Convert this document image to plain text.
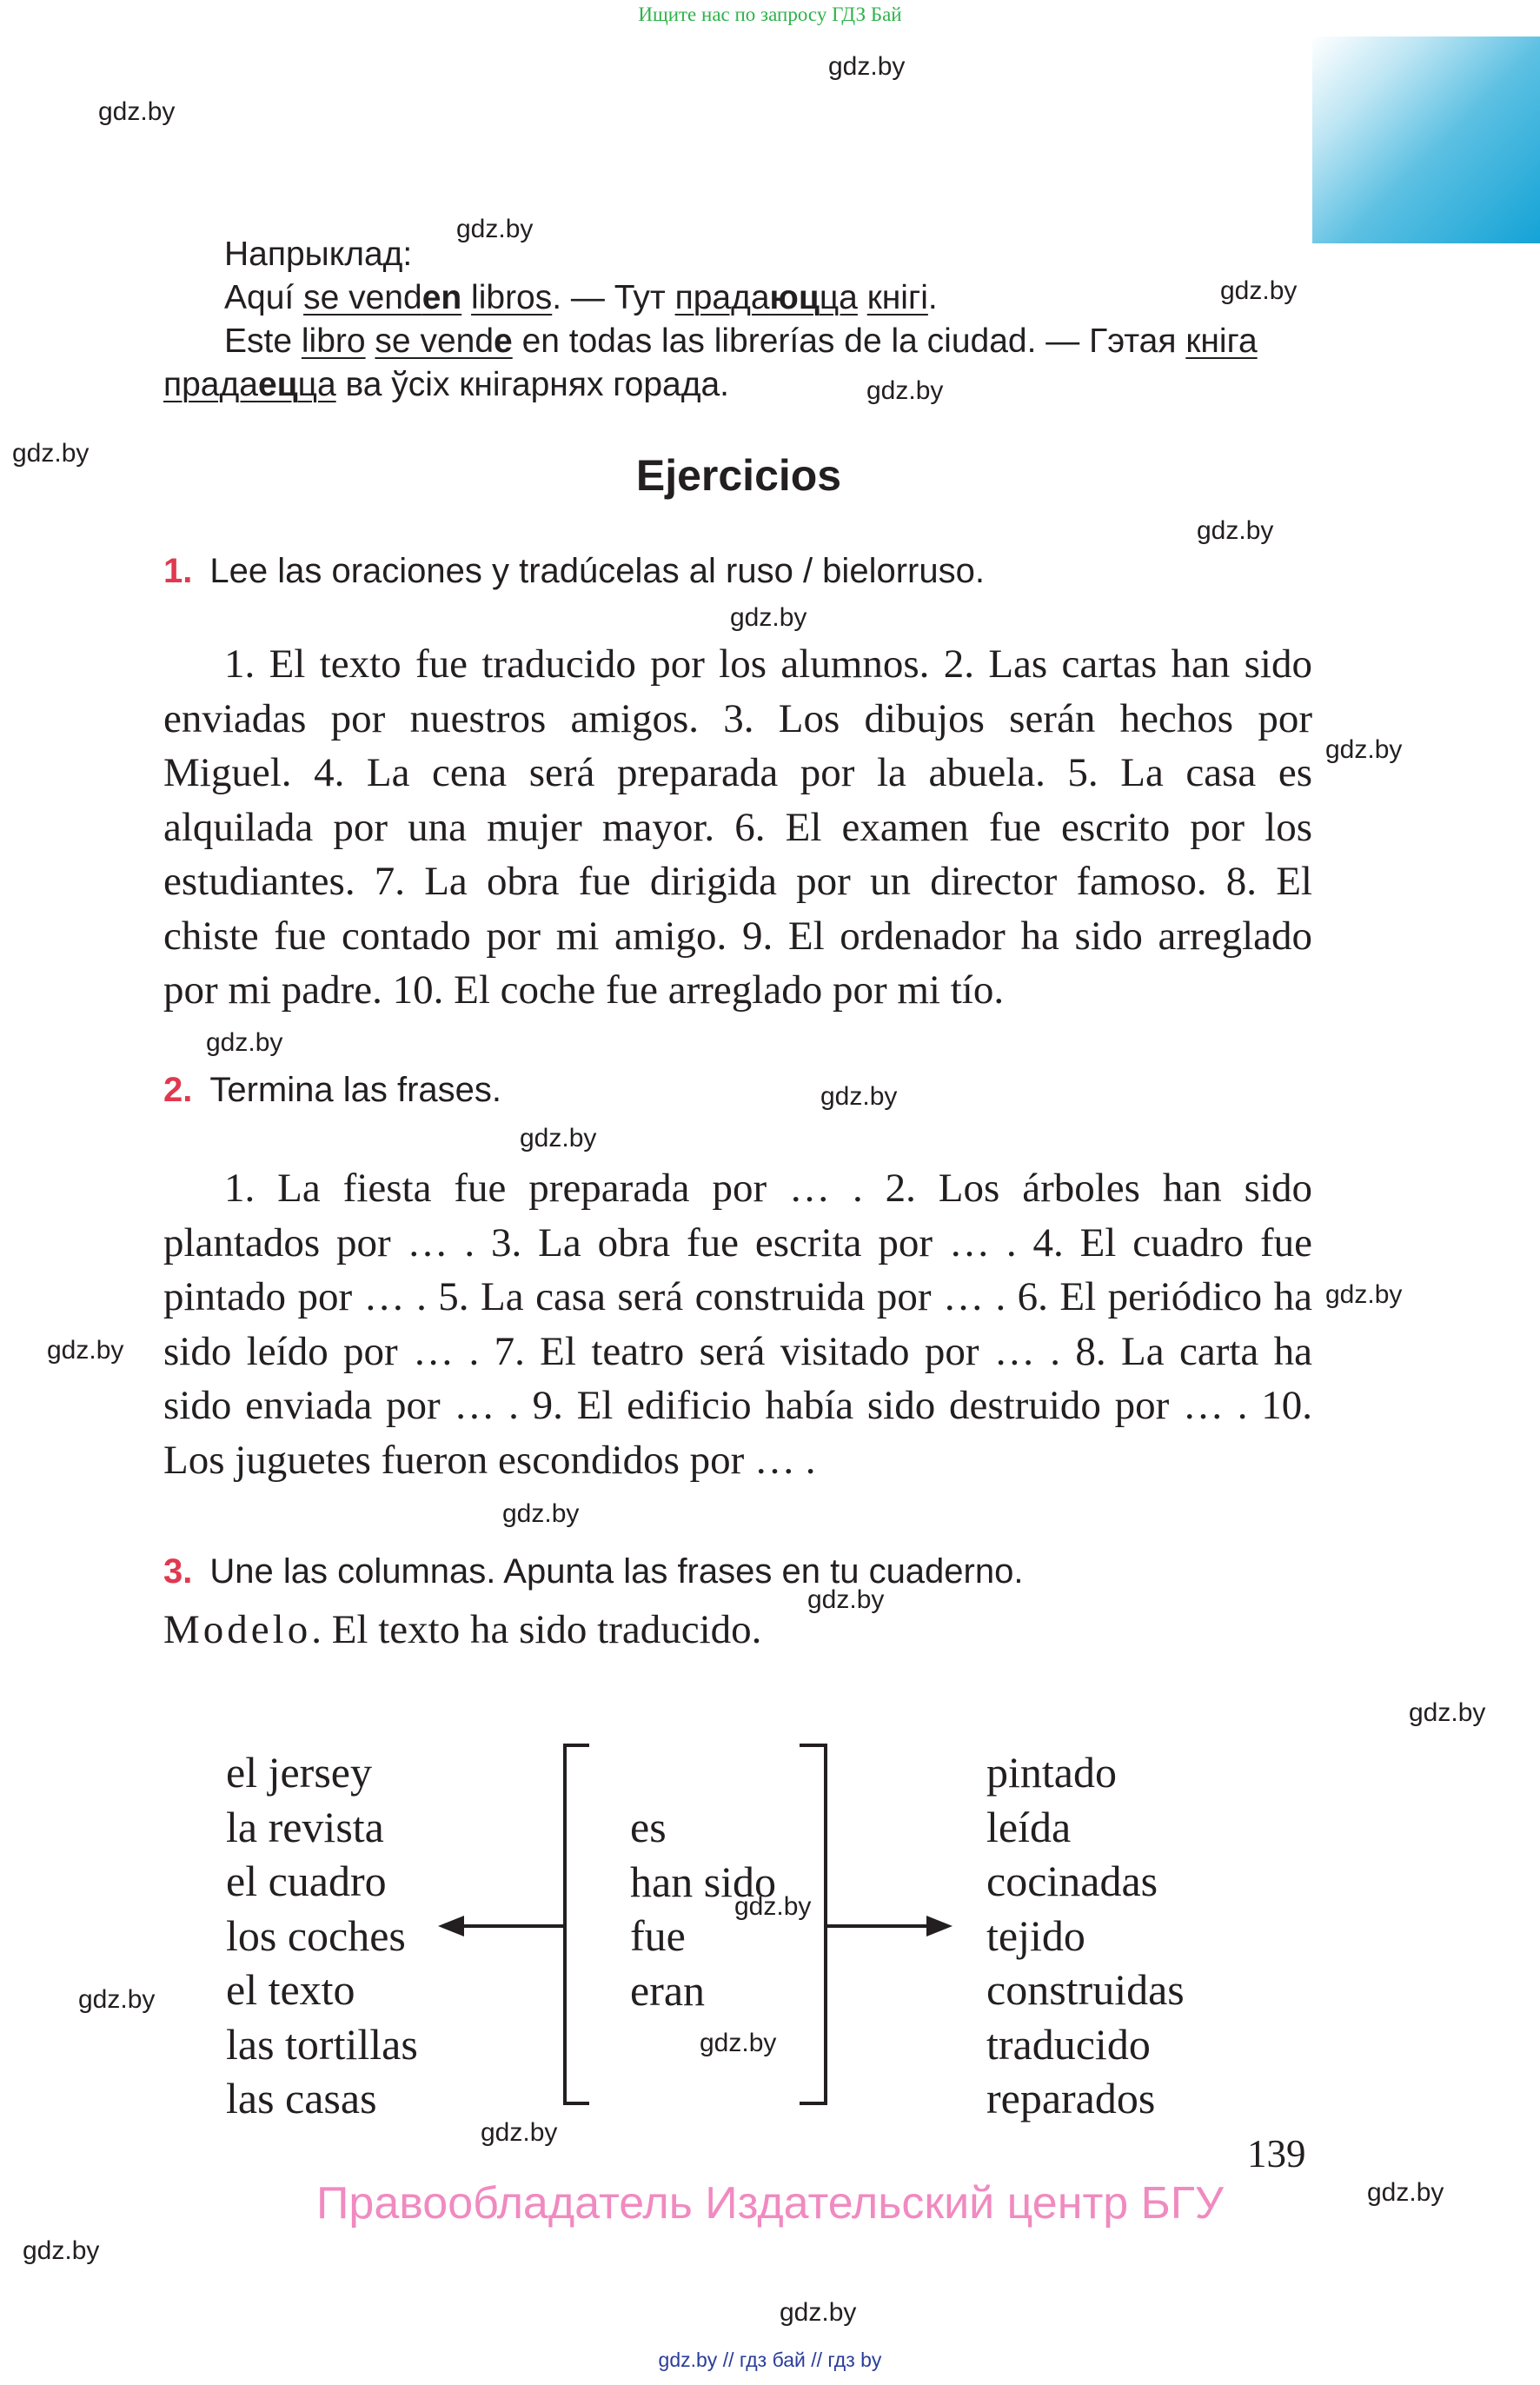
Ищите нас по запросу ГДЗ Бай
gdz.by
gdz.by
gdz.by
gdz.by
gdz.by
gdz.by
gdz.by
gdz.by
gdz.by
gdz.by
gdz.by
gdz.by
gdz.by
gdz.by
gdz.by
gdz.by
gdz.by
gdz.by
gdz.by
gdz.by
gdz.by
gdz.by
gdz.by
gdz.by
Напрыклад:
Aquí se venden libros. — Тут прадаюцца кнігі.
Este libro se vende en todas las librerías de la ciudad. — Гэтая кніга
прадаецца ва ўсіх кнігарнях горада.
Ejercicios
1. Lee las oraciones y tradúcelas al ruso / bielorruso.
1. El texto fue traducido por los alumnos. 2. Las cartas han sido enviadas por nuestros amigos. 3. Los dibujos serán hechos por Miguel. 4. La cena será preparada por la abuela. 5. La casa es alquilada por una mujer mayor. 6. El examen fue escrito por los estudiantes. 7. La obra fue dirigida por un director famoso. 8. El chiste fue contado por mi amigo. 9. El ordenador ha sido arreglado por mi padre. 10. El coche fue arreglado por mi tío.
2. Termina las frases.
1. La fiesta fue preparada por … . 2. Los árboles han sido plantados por … . 3. La obra fue escrita por … . 4. El cuadro fue pintado por … . 5. La casa será construida por … . 6. El periódico ha sido leído por … . 7. El teatro será visitado por … . 8. La carta ha sido enviada por … . 9. El edificio había sido destruido por … . 10. Los juguetes fueron escondidos por … .
3. Une las columnas. Apunta las frases en tu cuaderno.
Modelo. El texto ha sido traducido.
el jersey
la revista
el cuadro
los coches
el texto
las tortillas
las casas
es
han sido
fue
eran
pintado
leída
cocinadas
tejido
construidas
traducido
reparados
139
Правообладатель Издательский центр БГУ
gdz.by // гдз бай // гдз by
